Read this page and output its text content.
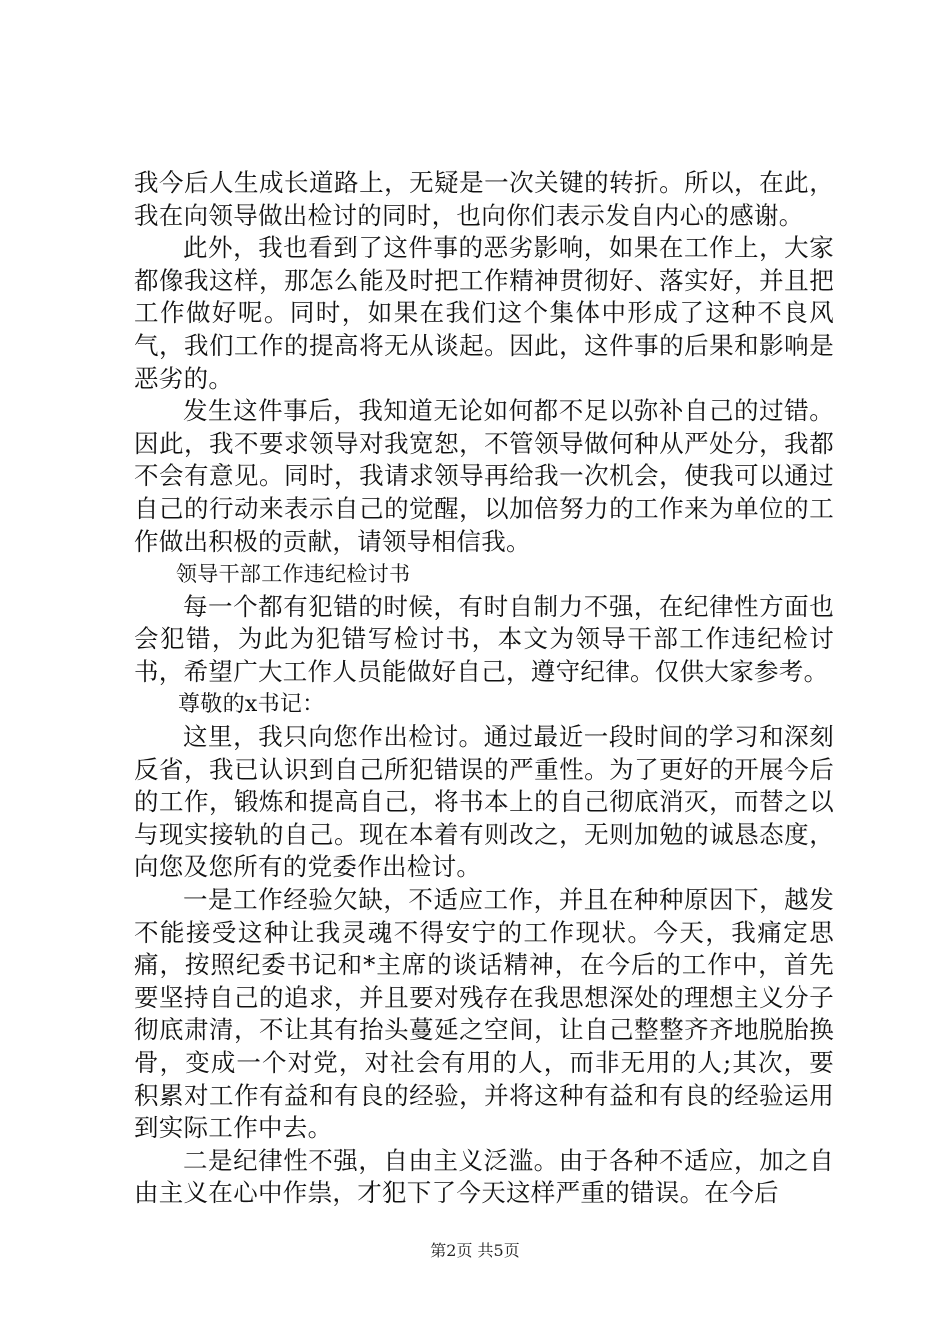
我今后人生成长道路上，无疑是一次关键的转折。所以，在此，我在向领导做出检讨的同时，也向你们表示发自内心的感谢。

此外，我也看到了这件事的恶劣影响，如果在工作上，大家都像我这样，那怎么能及时把工作精神贯彻好、落实好，并且把工作做好呢。同时，如果在我们这个集体中形成了这种不良风气，我们工作的提高将无从谈起。因此，这件事的后果和影响是恶劣的。

发生这件事后，我知道无论如何都不足以弥补自己的过错。因此，我不要求领导对我宽恕，不管领导做何种从严处分，我都不会有意见。同时，我请求领导再给我一次机会，使我可以通过自己的行动来表示自己的觉醒，以加倍努力的工作来为单位的工作做出积极的贡献，请领导相信我。

领导干部工作违纪检讨书

每一个都有犯错的时候，有时自制力不强，在纪律性方面也会犯错，为此为犯错写检讨书，本文为领导干部工作违纪检讨书，希望广大工作人员能做好自己，遵守纪律。仅供大家参考。

尊敬的x书记：

这里，我只向您作出检讨。通过最近一段时间的学习和深刻反省，我已认识到自己所犯错误的严重性。为了更好的开展今后的工作，锻炼和提高自己，将书本上的自己彻底消灭，而替之以与现实接轨的自己。现在本着有则改之，无则加勉的诚恳态度，向您及您所有的党委作出检讨。

一是工作经验欠缺，不适应工作，并且在种种原因下，越发不能接受这种让我灵魂不得安宁的工作现状。今天，我痛定思痛，按照纪委书记和*主席的谈话精神，在今后的工作中，首先要坚持自己的追求，并且要对残存在我思想深处的理想主义分子彻底肃清，不让其有抬头蔓延之空间，让自己整整齐齐地脱胎换骨，变成一个对党，对社会有用的人，而非无用的人;其次，要积累对工作有益和有良的经验，并将这种有益和有良的经验运用到实际工作中去。

二是纪律性不强，自由主义泛滥。由于各种不适应，加之自由主义在心中作祟，才犯下了今天这样严重的错误。在今后

第2页 共5页
